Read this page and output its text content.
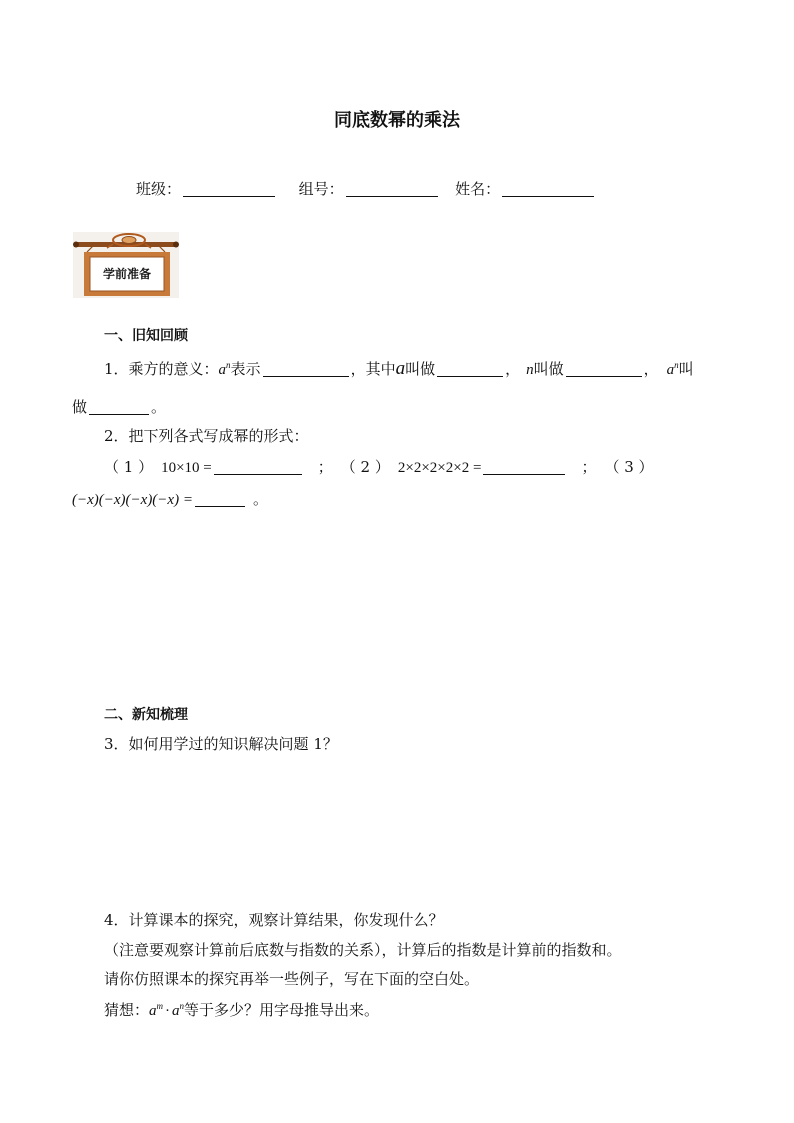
同底数幂的乘法
班级：	组号：	姓名：
学前准备
一、旧知回顾
1．乘方的意义：$a^n$表示	，其中a叫做	， n叫做	， $a^n$叫
做	。
2．把下列各式写成幂的形式：
（ 1 ） 10×10 =	； （ 2 ） 2×2×2×2×2 =	； （ 3 ）
(−x)(−x)(−x)(−x) =	。
二、新知梳理
3．如何用学过的知识解决问题 1？
4．计算课本的探究，观察计算结果，你发现什么？
（注意要观察计算前后底数与指数的关系），计算后的指数是计算前的指数和。
请你仿照课本的探究再举一些例子，写在下面的空白处。
猜想：$a^m \cdot a^n$等于多少？用字母推导出来。
